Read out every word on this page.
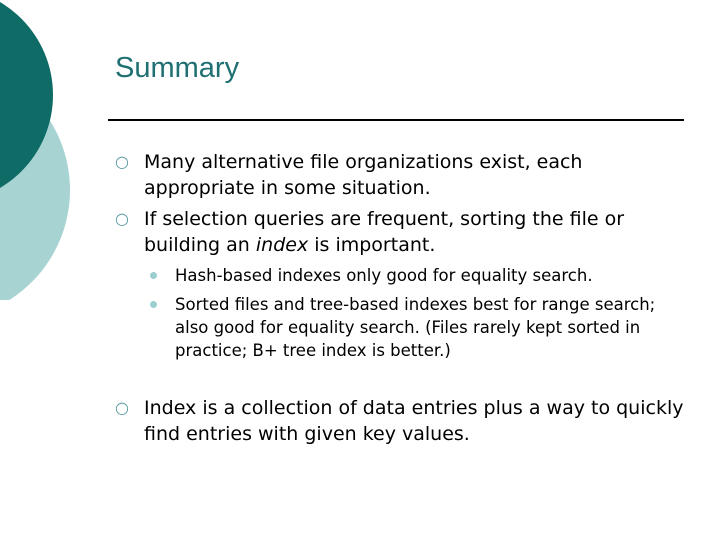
Summary
○ Many alternative file organizations exist, each appropriate in some situation.
○ If selection queries are frequent, sorting the file or building an index is important.
Hash-based indexes only good for equality search.
Sorted files and tree-based indexes best for range search; also good for equality search. (Files rarely kept sorted in practice; B+ tree index is better.)
○ Index is a collection of data entries plus a way to quickly find entries with given key values.
